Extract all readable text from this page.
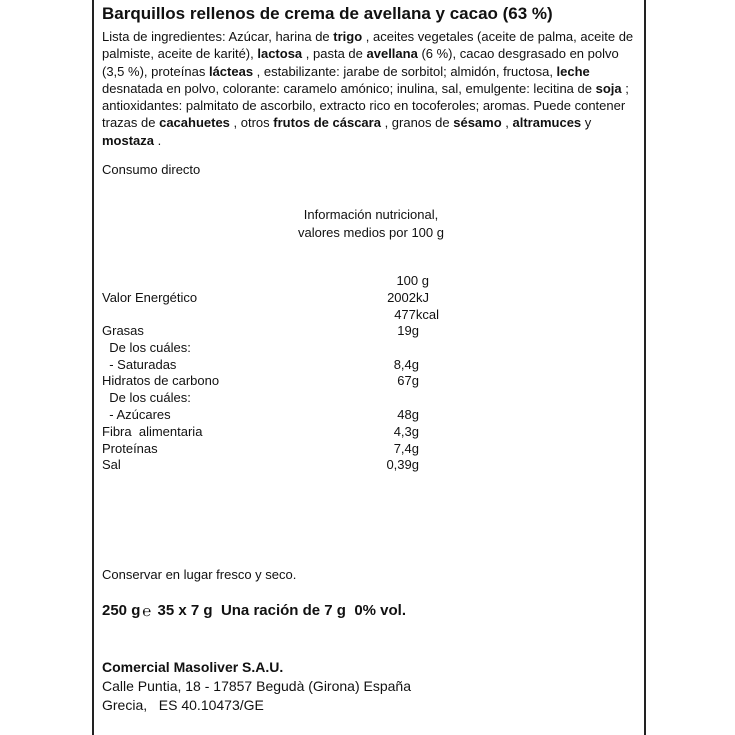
Barquillos rellenos de crema de avellana y cacao (63 %)
Lista de ingredientes: Azúcar, harina de trigo , aceites vegetales (aceite de palma, aceite de palmiste, aceite de karité), lactosa , pasta de avellana (6 %), cacao desgrasado en polvo (3,5 %), proteínas lácteas , estabilizante: jarabe de sorbitol; almidón, fructosa, leche desnatada en polvo, colorante: caramelo amónico; inulina, sal, emulgente: lecitina de soja ; antioxidantes: palmitato de ascorbilo, extracto rico en tocoferoles; aromas. Puede contener trazas de cacahuetes , otros frutos de cáscara , granos de sésamo , altramuces y mostaza .
Consumo directo
Información nutricional,
valores medios por 100 g
100 g
Valor Energético	2002kJ
477kcal
Grasas	19g
De los cuáles:
- Saturadas	8,4g
Hidratos de carbono	67g
De los cuáles:
- Azúcares	48g
Fibra  alimentaria	4,3g
Proteínas	7,4g
Sal	0,39g
Conservar en lugar fresco y seco.
250 g ℮ 35 x 7 g Una ración de 7 g 0% vol.
Comercial Masoliver S.A.U.
Calle Puntia, 18 - 17857 Begudà (Girona) España
Grecia,   ES 40.10473/GE
